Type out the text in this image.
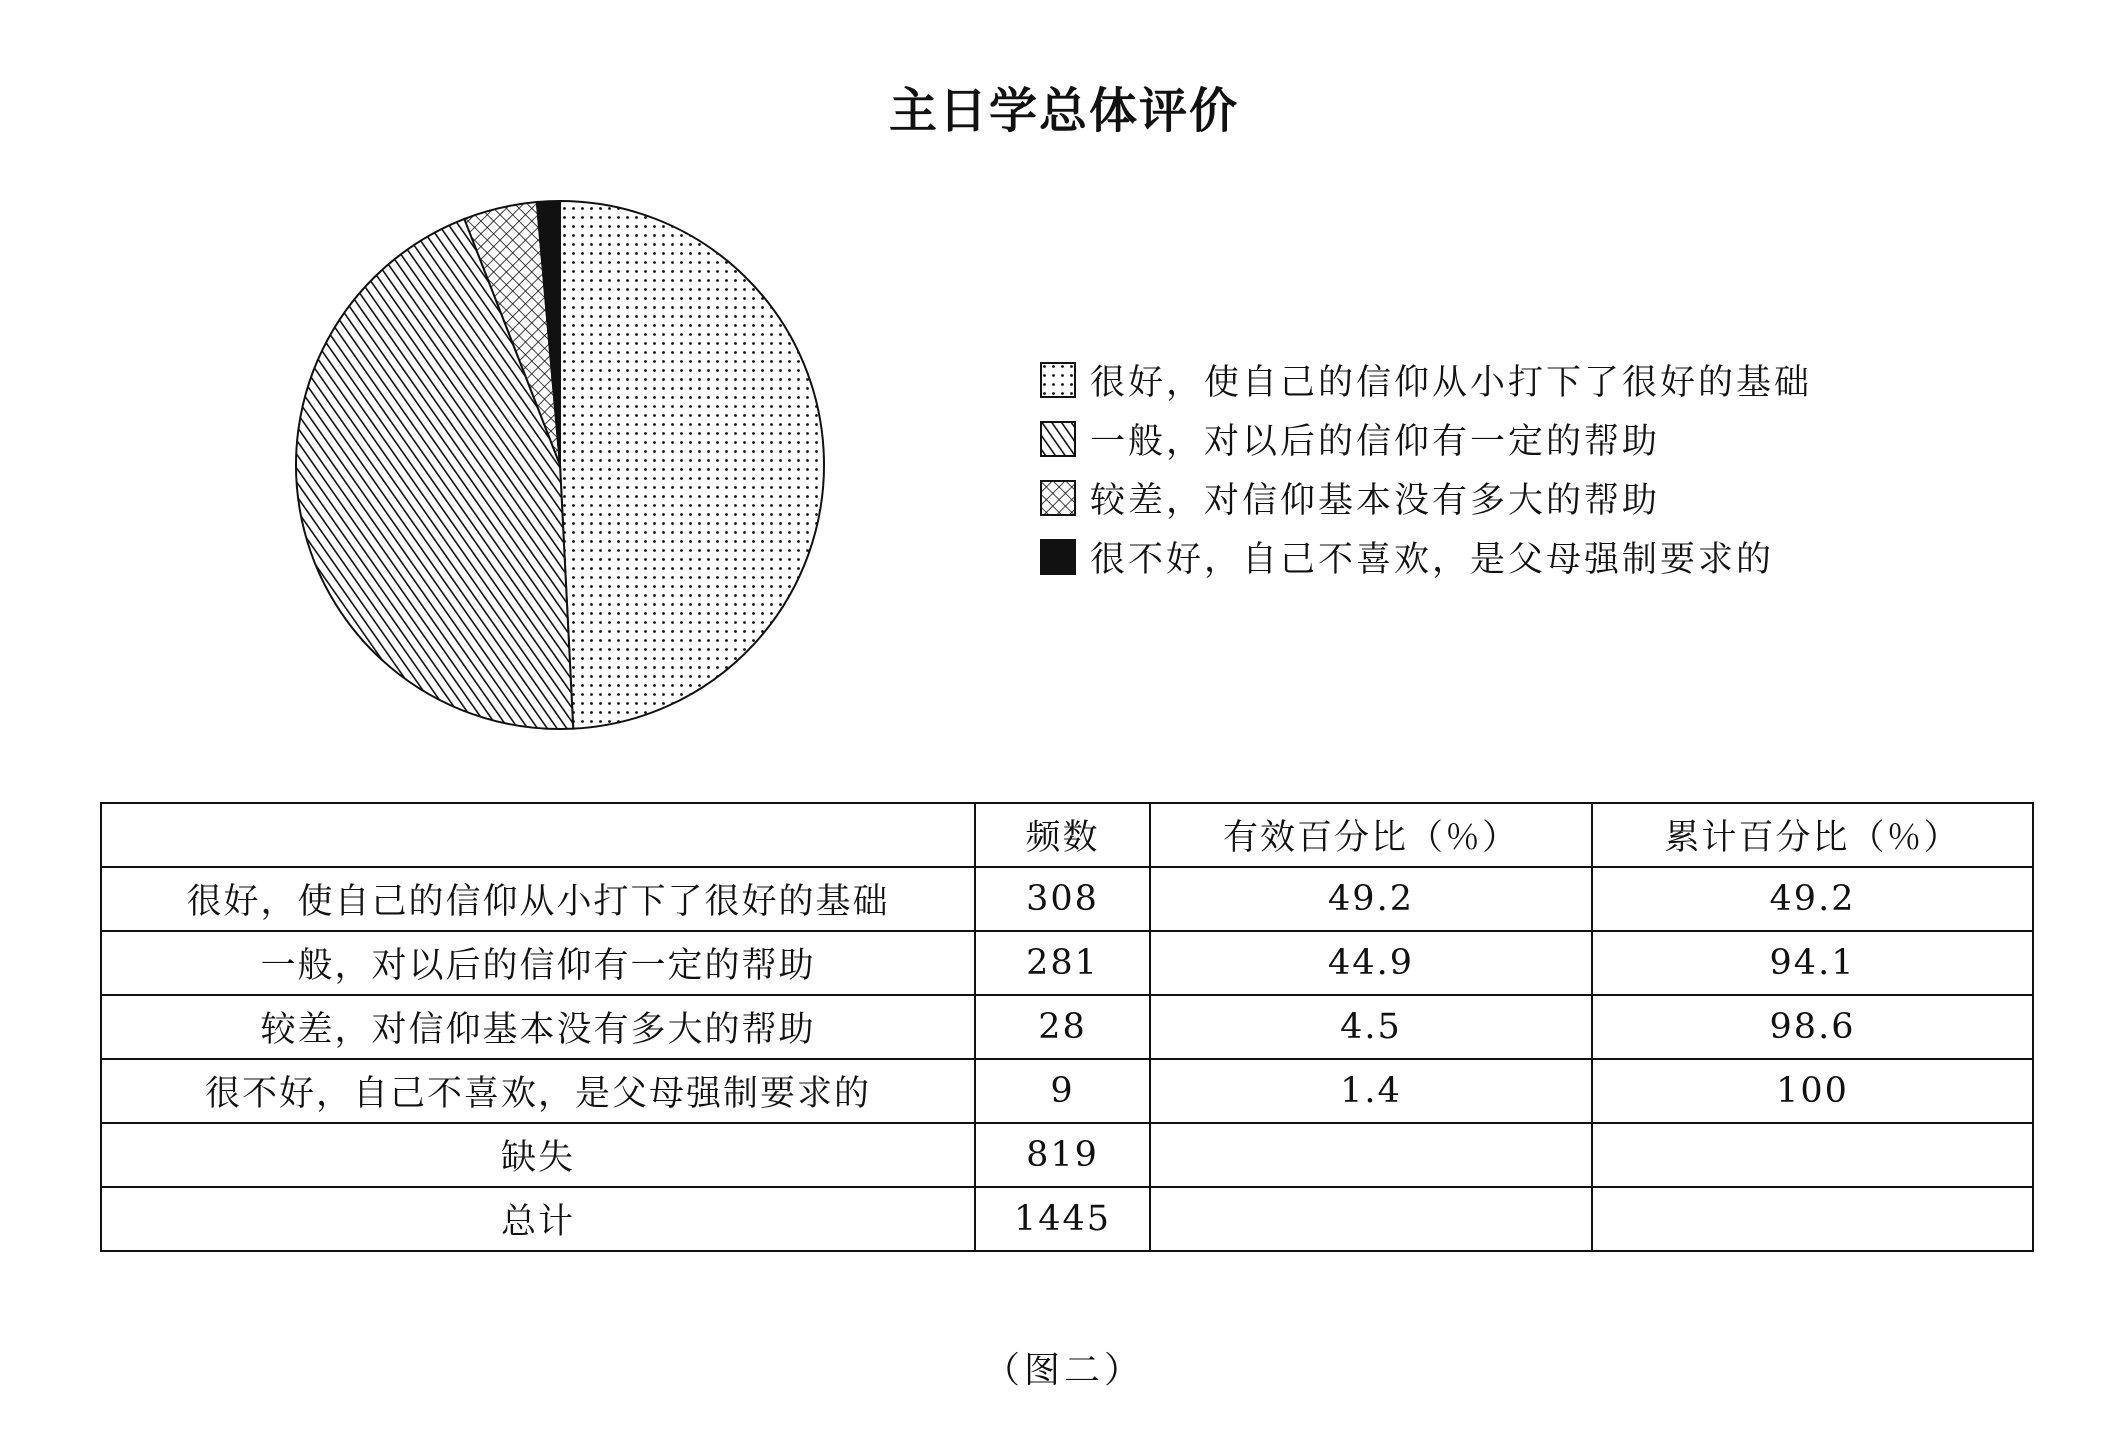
主日学总体评价
很好，使自己的信仰从小打下了很好的基础
一般，对以后的信仰有一定的帮助
较差，对信仰基本没有多大的帮助
很不好，自己不喜欢，是父母强制要求的
	频数	有效百分比（％）	累计百分比（％）
很好，使自己的信仰从小打下了很好的基础	308	49.2	49.2
一般，对以后的信仰有一定的帮助	281	44.9	94.1
较差，对信仰基本没有多大的帮助	28	4.5	98.6
很不好，自己不喜欢，是父母强制要求的	9	1.4	100
缺失	819		
总计	1445		
（图二）
